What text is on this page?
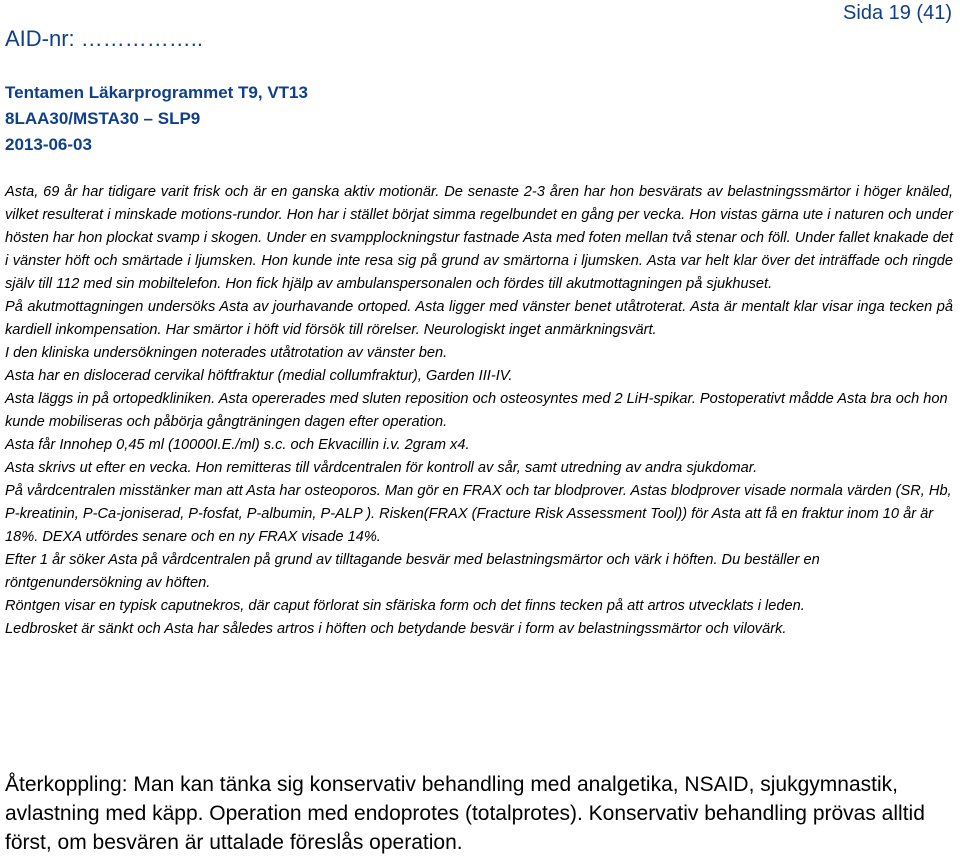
AID-nr: ……………..
Sida 19 (41)
Tentamen Läkarprogrammet T9, VT13
8LAA30/MSTA30 – SLP9
2013-06-03

Asta, 69 år har tidigare varit frisk och är en ganska aktiv motionär. De senaste 2-3 åren har hon besvärats av belastningssmärtor i höger knäled, vilket resulterat i minskade motions-rundor. Hon har i stället börjat simma regelbundet en gång per vecka. Hon vistas gärna ute i naturen och under hösten har hon plockat svamp i skogen. Under en svampplockningstur fastnade Asta med foten mellan två stenar och föll. Under fallet knakade det i vänster höft och smärtade i ljumsken. Hon kunde inte resa sig på grund av smärtorna i ljumsken. Asta var helt klar över det inträffade och ringde själv till 112 med sin mobiltelefon. Hon fick hjälp av ambulanspersonalen och fördes till akutmottagningen på sjukhuset.

På akutmottagningen undersöks Asta av jourhavande ortoped. Asta ligger med vänster benet utåtroterat. Asta är mentalt klar visar inga tecken på kardiell inkompensation. Har smärtor i höft vid försök till rörelser. Neurologiskt inget anmärkningsvärt.

I den kliniska undersökningen noterades utåtrotation av vänster ben.

Asta har en dislocerad cervikal höftfraktur (medial collumfraktur), Garden III-IV.

Asta läggs in på ortopedkliniken. Asta opererades med sluten reposition och osteosyntes med 2 LiH-spikar. Postoperativt mådde Asta bra och hon kunde mobiliseras och påbörja gångträningen dagen efter operation.

Asta får Innohep 0,45 ml (10000I.E./ml) s.c. och Ekvacillin i.v. 2gram x4.

Asta skrivs ut efter en vecka. Hon remitteras till vårdcentralen för kontroll av sår, samt utredning av andra sjukdomar.

På vårdcentralen misstänker man att Asta har osteoporos. Man gör en FRAX och tar blodprover. Astas blodprover visade normala värden (SR, Hb, P-kreatinin, P-Ca-joniserad, P-fosfat, P-albumin, P-ALP ). Risken(FRAX (Fracture Risk Assessment Tool)) för Asta att få en fraktur inom 10 år är 18%. DEXA utfördes senare och en ny FRAX visade 14%.

Efter 1 år söker Asta på vårdcentralen på grund av tilltagande besvär med belastningsmärtor och värk i höften. Du beställer en röntgenundersökning av höften.

Röntgen visar en typisk caputnekros, där caput förlorat sin sfäriska form och det finns tecken på att artros utvecklats i leden.

Ledbrosket är sänkt och Asta har således artros i höften och betydande besvär i form av belastningssmärtor och vilovärk.

Återkoppling: Man kan tänka sig konservativ behandling med analgetika, NSAID, sjukgymnastik, avlastning med käpp. Operation med endoprotes (totalprotes). Konservativ behandling prövas alltid först, om besvären är uttalade föreslås operation.
